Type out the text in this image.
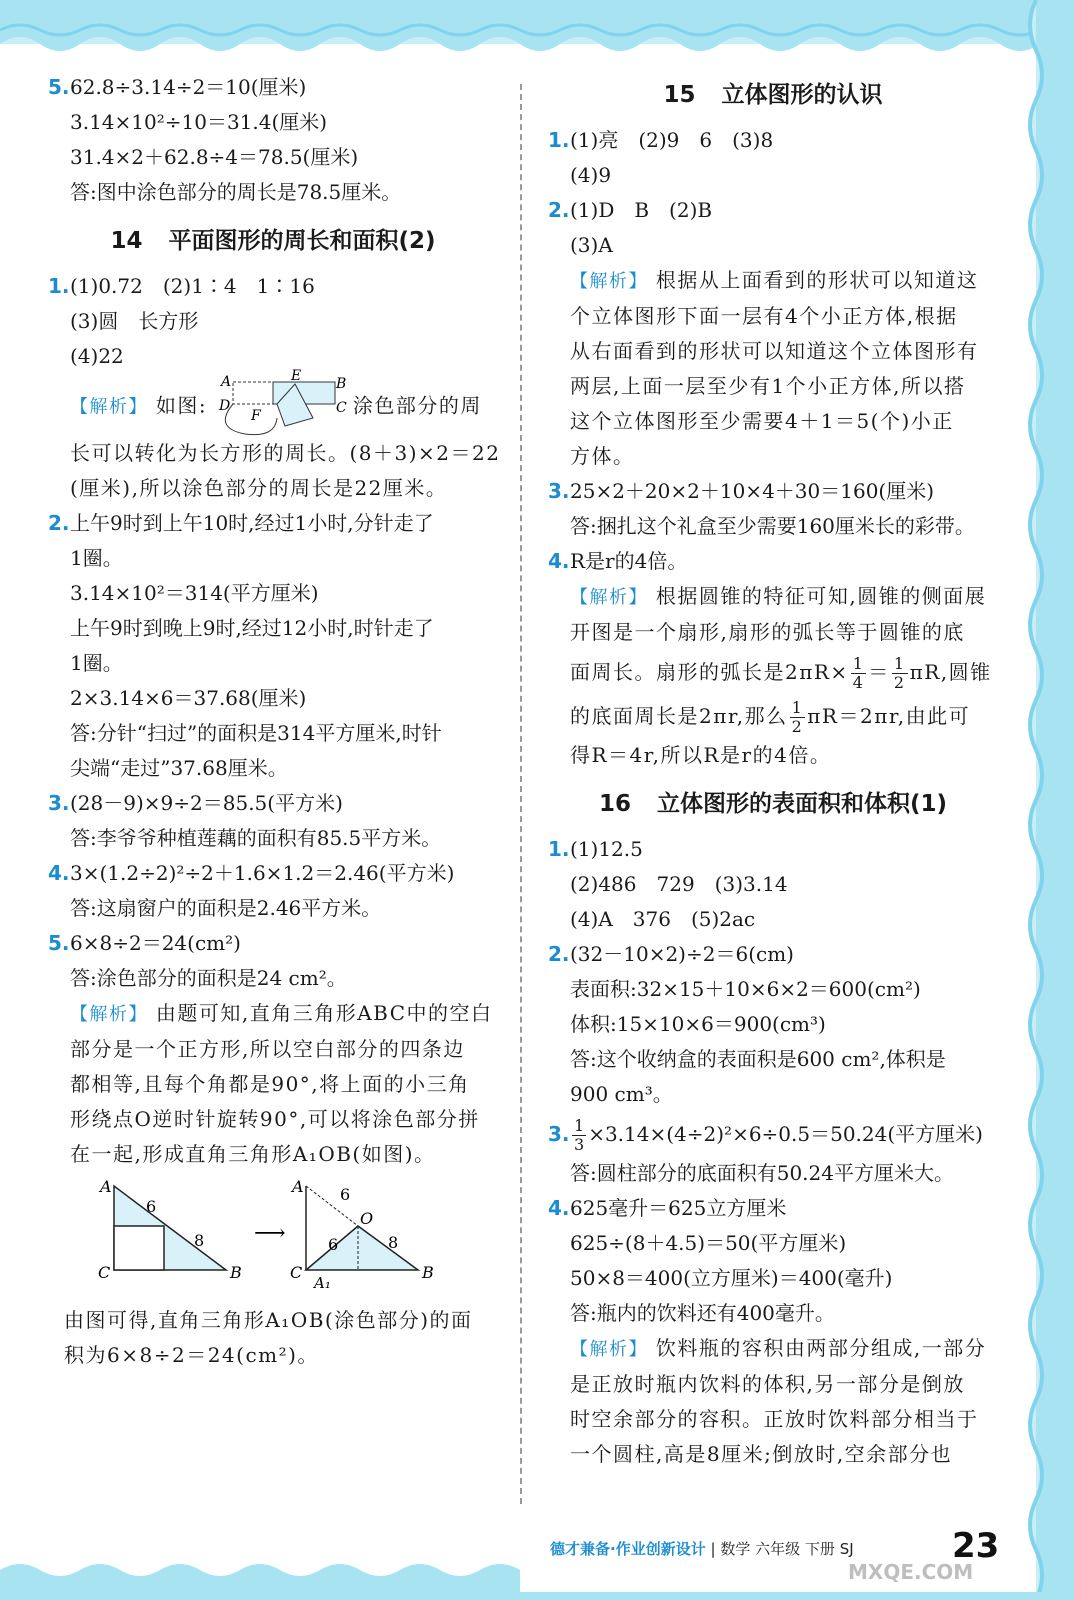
5.62.8÷3.14÷2＝10(厘米)
3.14×10²÷10＝31.4(厘米)
31.4×2＋62.8÷4＝78.5(厘米)
答:图中涂色部分的周长是78.5厘米。
14 平面图形的周长和面积(2)
1.(1)0.72　(2)1∶4　1∶16
(3)圆　长方形
(4)22
【解析】 如图:
A	E B
D	C
F	涂色部分的周
长可以转化为长方形的周长。(8＋3)×2＝22
(厘米),所以涂色部分的周长是22厘米。
2.上午9时到上午10时,经过1小时,分针走了
1圈。
3.14×10²＝314(平方厘米)
上午9时到晚上9时,经过12小时,时针走了
1圈。
2×3.14×6＝37.68(厘米)
答:分针“扫过”的面积是314平方厘米,时针
尖端“走过”37.68厘米。
3.(28－9)×9÷2＝85.5(平方米)
答:李爷爷种植莲藕的面积有85.5平方米。
4.3×(1.2÷2)²÷2＋1.6×1.2＝2.46(平方米)
答:这扇窗户的面积是2.46平方米。
5.6×8÷2＝24(cm²)
答:涂色部分的面积是24 cm²。
【解析】 由题可知,直角三角形ABC中的空白
部分是一个正方形,所以空白部分的四条边
都相等,且每个角都是90°,将上面的小三角
形绕点O逆时针旋转90°,可以将涂色部分拼
在一起,形成直角三角形A₁OB(如图)。
A
6
8
C	B
⟶
A 6
O
6	8
C	B
A₁
由图可得,直角三角形A₁OB(涂色部分)的面
积为6×8÷2＝24(cm²)。
15 立体图形的认识
1.(1)亮　(2)9　6　(3)8
(4)9
2.(1)D　B　(2)B
(3)A
【解析】 根据从上面看到的形状可以知道这
个立体图形下面一层有4个小正方体,根据
从右面看到的形状可以知道这个立体图形有
两层,上面一层至少有1个小正方体,所以搭
这个立体图形至少需要4＋1＝5(个)小正
方体。
3.25×2＋20×2＋10×4＋30＝160(厘米)
答:捆扎这个礼盒至少需要160厘米长的彩带。
4.R是r的4倍。
【解析】 根据圆锥的特征可知,圆锥的侧面展
开图是一个扇形,扇形的弧长等于圆锥的底
面周长。扇形的弧长是$2\pi R\times \frac{1}{4} = \frac{1}{2} \pi R$,圆锥
的底面周长是2πr,那么 $\frac{1}{2} \pi R=2\pi r$,由此可
得R＝4r,所以R是r的4倍。
16 立体图形的表面积和体积(1)
1.(1)12.5
(2)486　729　(3)3.14
(4)A　376　(5)2ac
2.(32－10×2)÷2＝6(cm)
表面积:32×15＋10×6×2＝600(cm²)
体积:15×10×6＝900(cm³)
答:这个收纳盒的表面积是600 cm²,体积是
900 cm³。
3. $\frac{1}{3} \times 3.14\times(4\div 2)^2\times 6\div 0.5=50.24$(平方厘米)
答:圆柱部分的底面积有50.24平方厘米大。
4.625毫升＝625立方厘米
625÷(8＋4.5)＝50(平方厘米)
50×8＝400(立方厘米)＝400(毫升)
答:瓶内的饮料还有400毫升。
【解析】 饮料瓶的容积由两部分组成,一部分
是正放时瓶内饮料的体积,另一部分是倒放
时空余部分的容积。正放时饮料部分相当于
一个圆柱,高是8厘米;倒放时,空余部分也
德才兼备·作业创新设计 | 数学 六年级 下册 SJ	23
MXQE.COM
